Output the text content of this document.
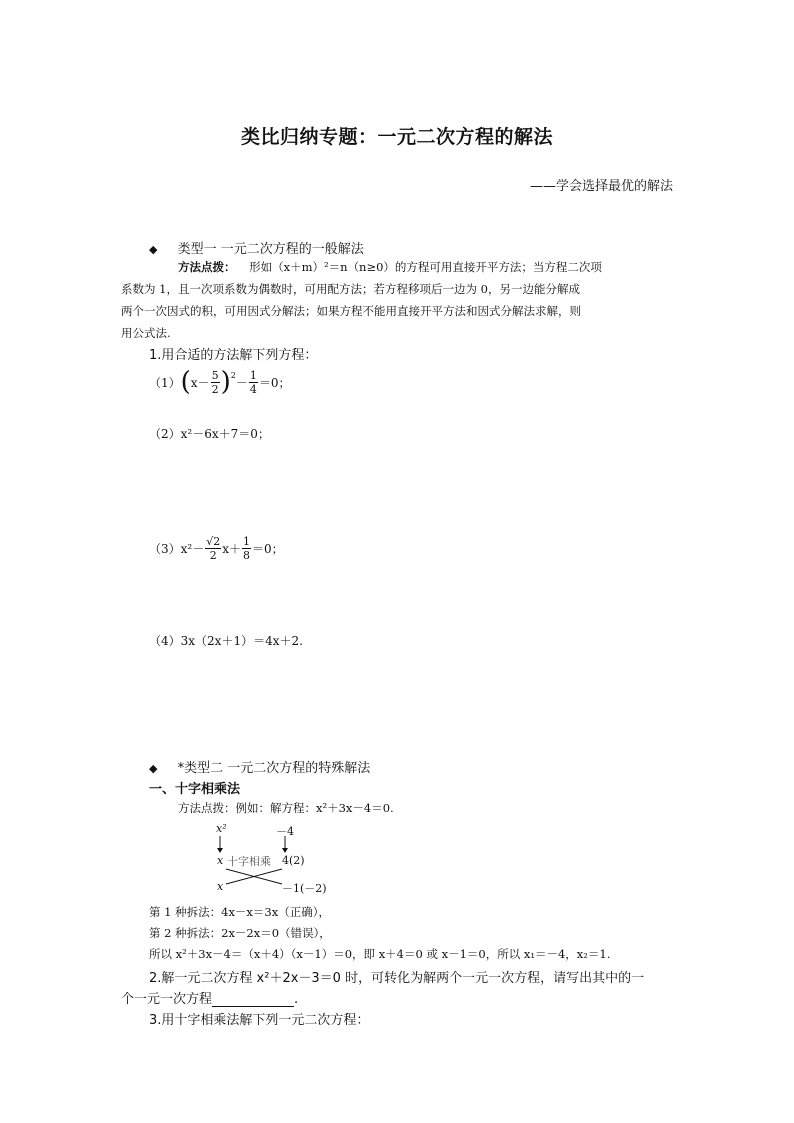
类比归纳专题：一元二次方程的解法
——学会选择最优的解法
◆ 类型一 一元二次方程的一般解法
方法点拨： 形如（x＋m）²＝n（n≥0）的方程可用直接开平方法；当方程二次项
系数为 1，且一次项系数为偶数时，可用配方法；若方程移项后一边为 0，另一边能分解成
两个一次因式的积，可用因式分解法；如果方程不能用直接开平方法和因式分解法求解，则
用公式法.
1.用合适的方法解下列方程：
（1） ( $x- \frac{5}{2}$ ) 2
－ $\frac{1}{4} =0$；
（2）x²－6x＋7＝0；
（3） $x^2- \frac{√2}{2} x+ \frac{1}{8} =0$；
（4）3x（2x＋1）＝4x＋2.
◆ *类型二 一元二次方程的特殊解法
一、十字相乘法
方法点拨：例如：解方程：x²＋3x－4＝0.
x²	－4
x 十字相乘 4(2)
x	－1(－2)
第 1 种拆法：4x－x＝3x（正确），
第 2 种拆法：2x－2x＝0（错误），
所以 x²＋3x－4＝（x＋4）（x－1）＝0，即 x＋4＝0 或 x－1＝0，所以 x₁＝－4，x₂＝1.
2.解一元二次方程 x²＋2x－3＝0 时，可转化为解两个一元一次方程，请写出其中的一
个一元一次方程	.
3.用十字相乘法解下列一元二次方程：
